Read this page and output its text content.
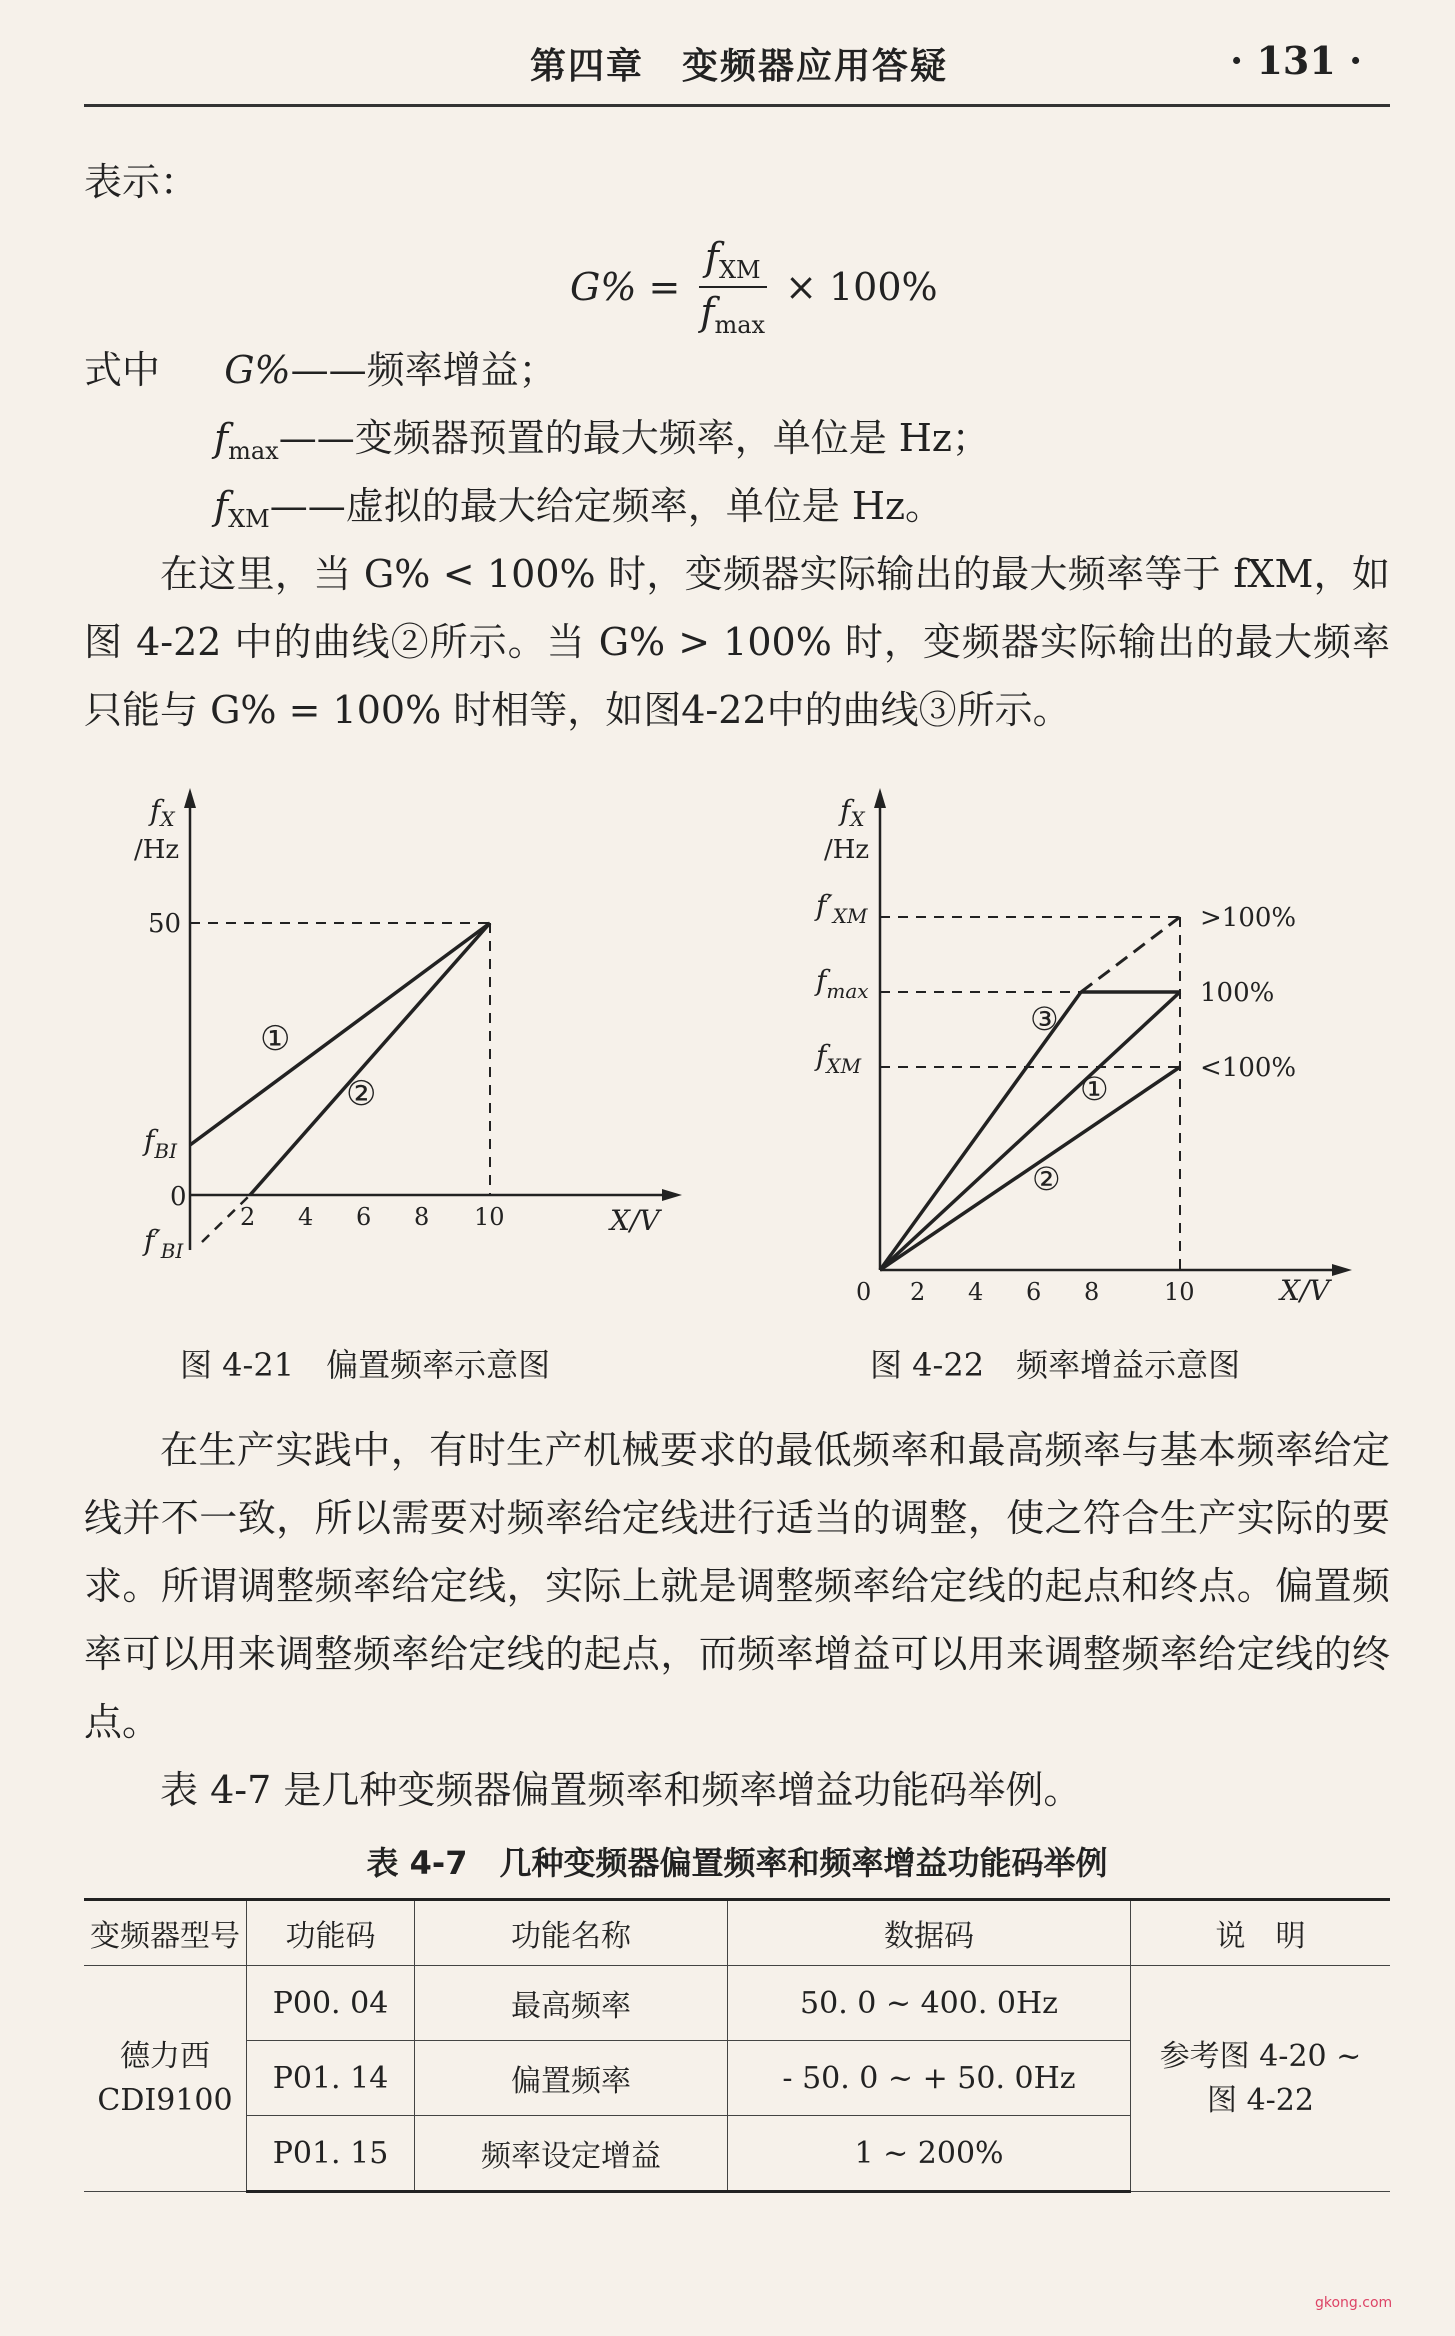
第四章　变频器应用答疑	· 131 ·
表示：
$G\% = \frac{f_{XM}}{f_{max}} \times 100\%$
式中 G%——频率增益；
$f_{max}——$变频器预置的最大频率，单位是 Hz；
$f_{XM}——$虚拟的最大给定频率，单位是 Hz。
在这里，当 G% < 100% 时，变频器实际输出的最大频率等于 fXM，如图 4-22 中的曲线②所示。当 G% > 100% 时，变频器实际输出的最大频率只能与 G% = 100% 时相等，如图4-22中的曲线③所示。
$f_X$
/Hz
50
$f_{BI}$
0
$f'_{BI}$
2 4 6 8 10	X/V
①
②
图 4-21　偏置频率示意图
$f_X$
/Hz
$f'_{XM}$
$f_{max}$
$f_{XM}$
0 2 4 6 8	10	X/V
>100%
100%
<100%
③
①
②
图 4-22　频率增益示意图
在生产实践中，有时生产机械要求的最低频率和最高频率与基本频率给定线并不一致，所以需要对频率给定线进行适当的调整，使之符合生产实际的要求。所谓调整频率给定线，实际上就是调整频率给定线的起点和终点。偏置频率可以用来调整频率给定线的起点，而频率增益可以用来调整频率给定线的终点。
表 4-7 是几种变频器偏置频率和频率增益功能码举例。
表 4-7　几种变频器偏置频率和频率增益功能码举例
变频器型号	功能码	功能名称	数据码	说　明
德力西
CDI9100	P00. 04	最高频率	50. 0 ~ 400. 0Hz	参考图 4-20 ~
图 4-22
	P01. 14	偏置频率	- 50. 0 ~ + 50. 0Hz	
	P01. 15	频率设定增益	1 ~ 200%	
gkong.com
